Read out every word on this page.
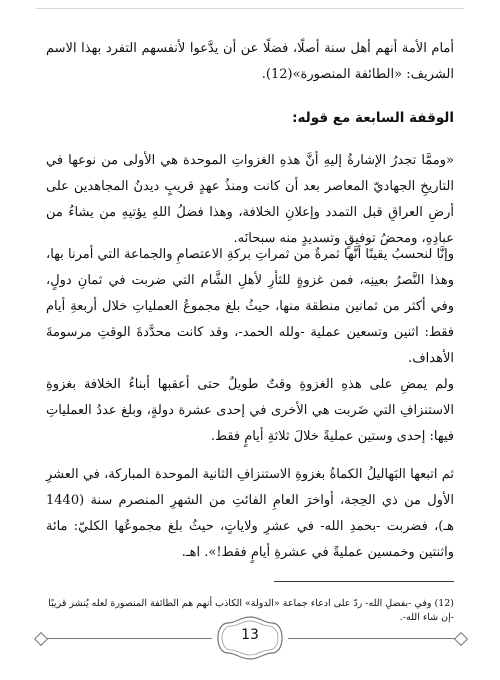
أمام الأمة أنهم أهل سنة أصلًا، فضلًا عن أن يدَّعوا لأنفسهم التفرد بهذا الاسم الشريف: «الطائفة المنصورة»(12).

الوقفة السابعة مع قوله:

«وممَّا تجدرُ الإشارةُ إليهِ أنَّ هذهِ الغزواتِ الموحدة هي الأولى من نوعها في التاريخِ الجهاديّ المعاصر بعد أن كانت ومنذُ عهدٍ قريبٍ ديدنُ المجاهدين على أرضِ العراقِ قبل التمدد وإعلانِ الخلافة، وهذا فضلُ اللهِ يؤتيهِ من يشاءُ من عبادِهِ، ومحضُ توفيقٍ وتسديدٍ منه سبحانَه.

وإنَّا لنحسبُ يقينًا أنَّها ثمرةٌ من ثمراتِ بركةِ الاعتصامِ والجماعة التي أمرنا بها، وهذا النَّصرُ بعينِه، فمن غزوةٍ للثأرِ لأهلِ الشَّام التي ضربت في ثمانِ دولٍ، وفي أكثر من ثمانين منطقة منها، حيثُ بلغ مجموعُ العملياتِ خلال أربعةِ أيام فقط: اثنين وتسعين عملية -ولله الحمد-، وقد كانت محدَّدةَ الوقتِ مرسومةَ الأهداف.

ولم يمضِ على هذهِ الغزوةِ وقتٌ طويلٌ حتى أعقبها أبناءُ الخلافة بغزوةِ الاستنزافِ التي ضَربت هي الأخرى في إحدى عشرة دولةٍ، وبلغ عددُ العملياتِ فيها: إحدى وستين عمليةً خلالَ ثلاثةِ أيامٍ فقط.

ثم اتبعها البَهاليلُ الكماةُ بغزوةِ الاستنزافِ الثانية الموحدة المباركة، في العشرِ الأول من ذي الحِجة، أواخرَ العامِ الفائتِ من الشهرِ المنصرم سنة (1440 هـ)، فضربت -بحمدِ الله- في عشرِ ولاياتٍ، حيثُ بلغ مجموعُها الكليّ: مائة واثنتين وخمسين عمليةً في عشرةِ أيامٍ فقط!». اهـ.

(12) وفي -بفضلِ الله- ردّ على ادعاء جماعة «الدولة» الكاذب أنهم هم الطائفة المنصورة لعله يُنشر قريبًا -إن شاء الله-.
13
